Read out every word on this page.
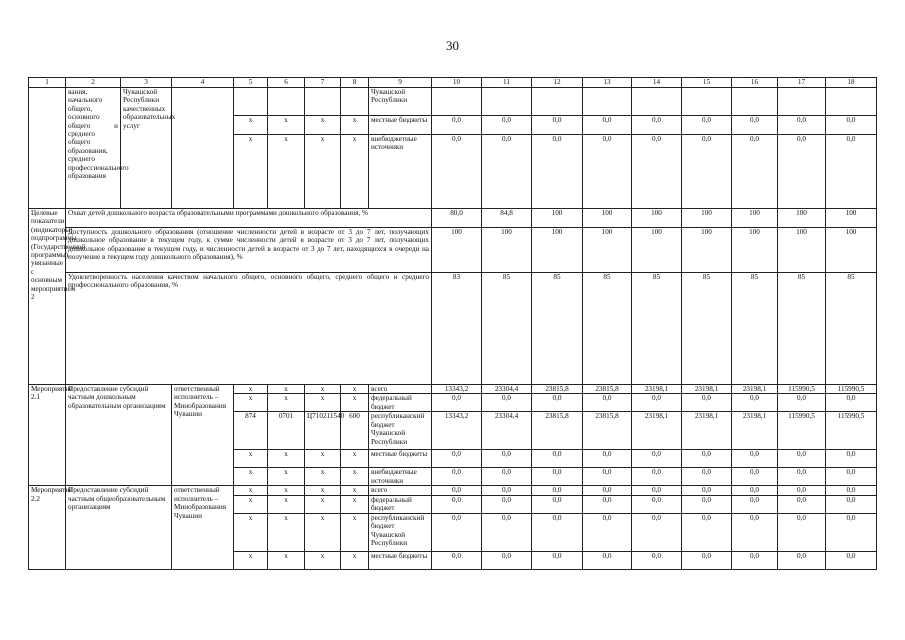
30
1	2	3	4	5	6	7	8	9	10	11	12	13	14	15	16	17	18
	вания, начального общего, основного общего и среднего общего образования, среднего профессионального образования	Чувашской Республики качественных образовательных услуг						Чувашской Республики									
				x	x	x	x	местные бюджеты	0,0	0,0	0,0	0,0	0,0	0,0	0,0	0,0	0,0
				x	x	x	x	внебюджетные источники	0,0	0,0	0,0	0,0	0,0	0,0	0,0	0,0	0,0
Целевые показатели (индикаторы) подпрограммы (Государственной программы), увязанные с основным мероприятием 2	Охват детей дошкольного возраста образовательными программами дошкольного образования, %								80,0	84,8	100	100	100	100	100	100	100
	Доступность дошкольного образования (отношение численности детей в возрасте от 3 до 7 лет, получающих дошкольное образование в текущем году, к сумме численности детей в возрасте от 3 до 7 лет, получающих дошкольное образование в текущем году, и численности детей в возрасте от 3 до 7 лет, находящихся в очереди на получение в текущем году дошкольного образования), %								100	100	100	100	100	100	100	100	100
	Удовлетворенность населения качеством начального общего, основного общего, среднего общего и среднего профессионального образования, %								83	85	85	85	85	85	85	85	85
Мероприятие 2.1	Предоставление субсидий частным дошкольным образовательным организациям		ответственный исполнитель – Минобразования Чувашии	x	x	x	x	всего	13343,2	23304,4	23815,8	23815,8	23198,1	23198,1	23198,1	115990,5	115990,5
				x	x	x	x	федеральный бюджет	0,0	0,0	0,0	0,0	0,0	0,0	0,0	0,0	0,0
				874	0701	Ц710211540	600	республиканский бюджет Чувашской Республики	13343,2	23304,4	23815,8	23815,8	23198,1	23198,1	23198,1	115990,5	115990,5
				x	x	x	x	местные бюджеты	0,0	0,0	0,0	0,0	0,0	0,0	0,0	0,0	0,0
				x	x	x	x	внебюджетные источники	0,0	0,0	0,0	0,0	0,0	0,0	0,0	0,0	0,0
Мероприятие 2.2	Предоставление субсидий частным общеобразовательным организациям		ответственный исполнитель – Минобразования Чувашии	x	x	x	x	всего	0,0	0,0	0,0	0,0	0,0	0,0	0,0	0,0	0,0
				x	x	x	x	федеральный бюджет	0,0	0,0	0,0	0,0	0,0	0,0	0,0	0,0	0,0
				x	x	x	x	республиканский бюджет Чувашской Республики	0,0	0,0	0,0	0,0	0,0	0,0	0,0	0,0	0,0
				x	x	x	x	местные бюджеты	0,0	0,0	0,0	0,0	0,0	0,0	0,0	0,0	0,0
